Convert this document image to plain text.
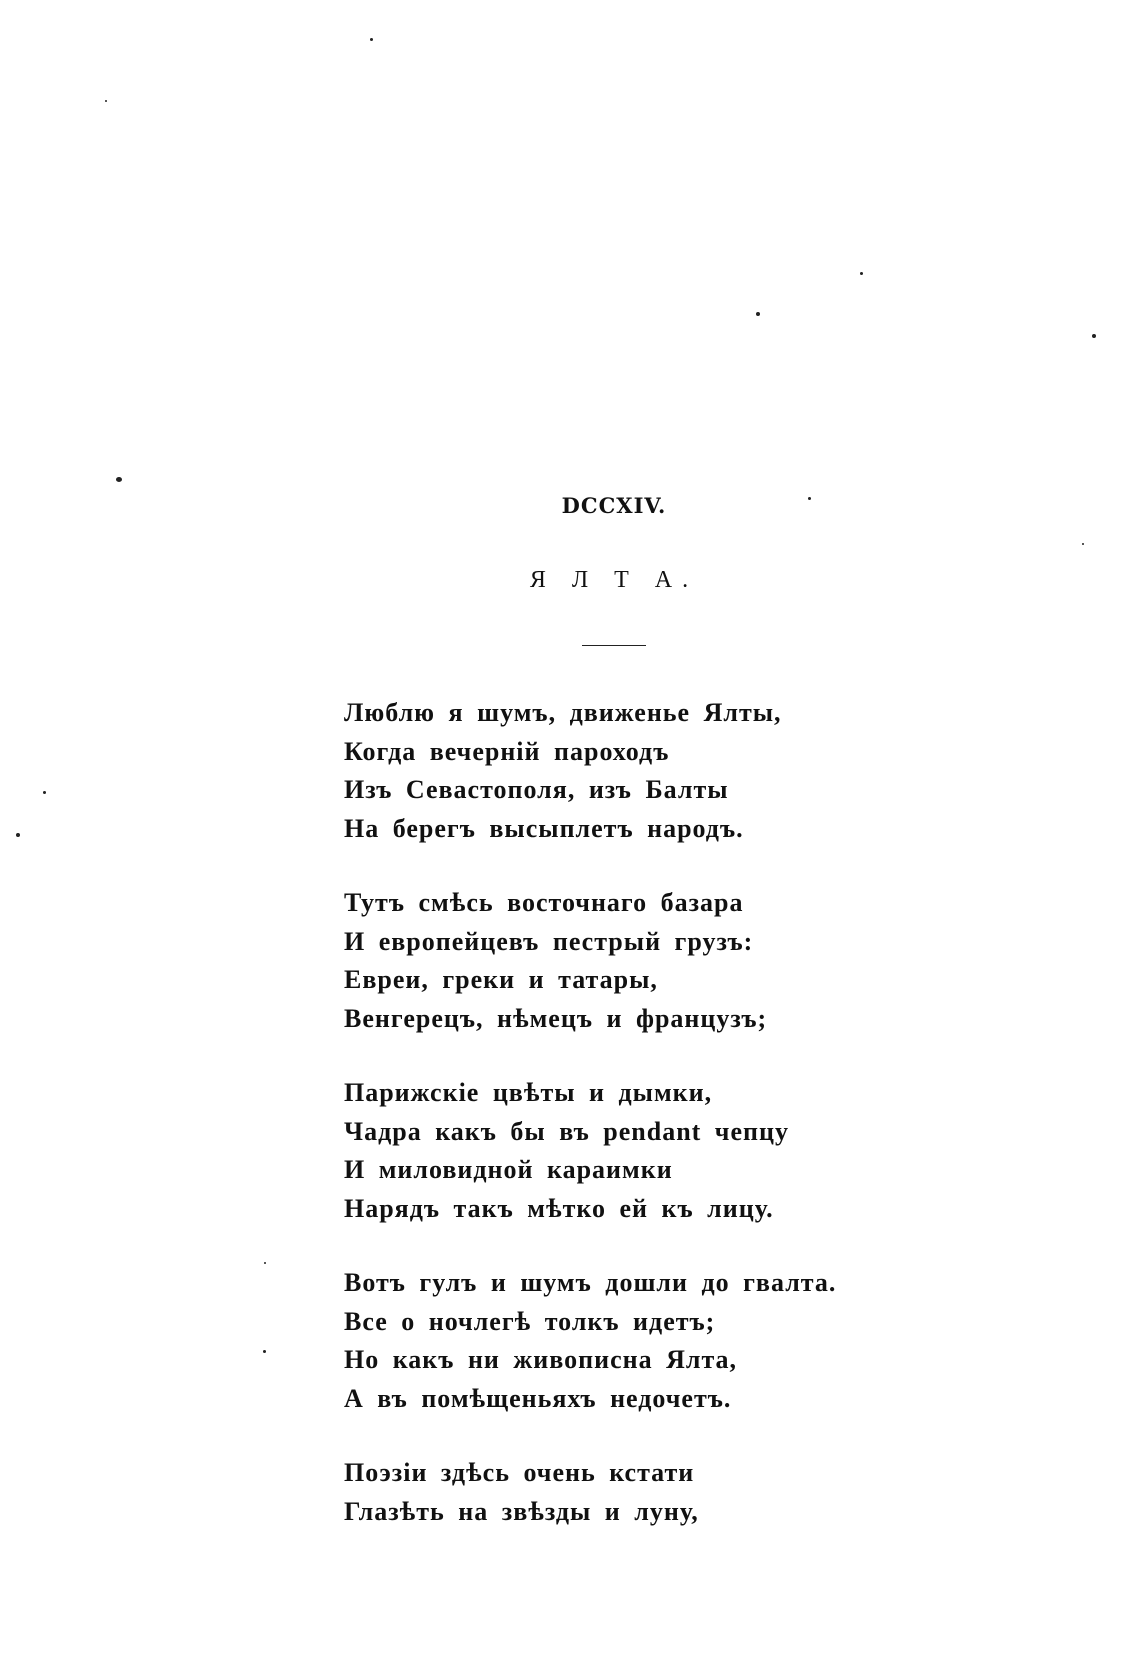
DCCXIV.
Я Л Т А.
Люблю я шумъ, движенье Ялты,
Когда вечерній пароходъ
Изъ Севастополя, изъ Балты
На берегъ высыплетъ народъ.
Тутъ смѣсь восточнаго базара
И европейцевъ пестрый грузъ:
Евреи, греки и татары,
Венгерецъ, нѣмецъ и французъ;
Парижскіе цвѣты и дымки,
Чадра какъ бы въ pendant чепцу
И миловидной караимки
Нарядъ такъ мѣтко ей къ лицу.
Вотъ гулъ и шумъ дошли до гвалта.
Все о ночлегѣ толкъ идетъ;
Но какъ ни живописна Ялта,
А въ помѣщеньяхъ недочетъ.
Поэзіи здѣсь очень кстати
Глазѣть на звѣзды и луну,
